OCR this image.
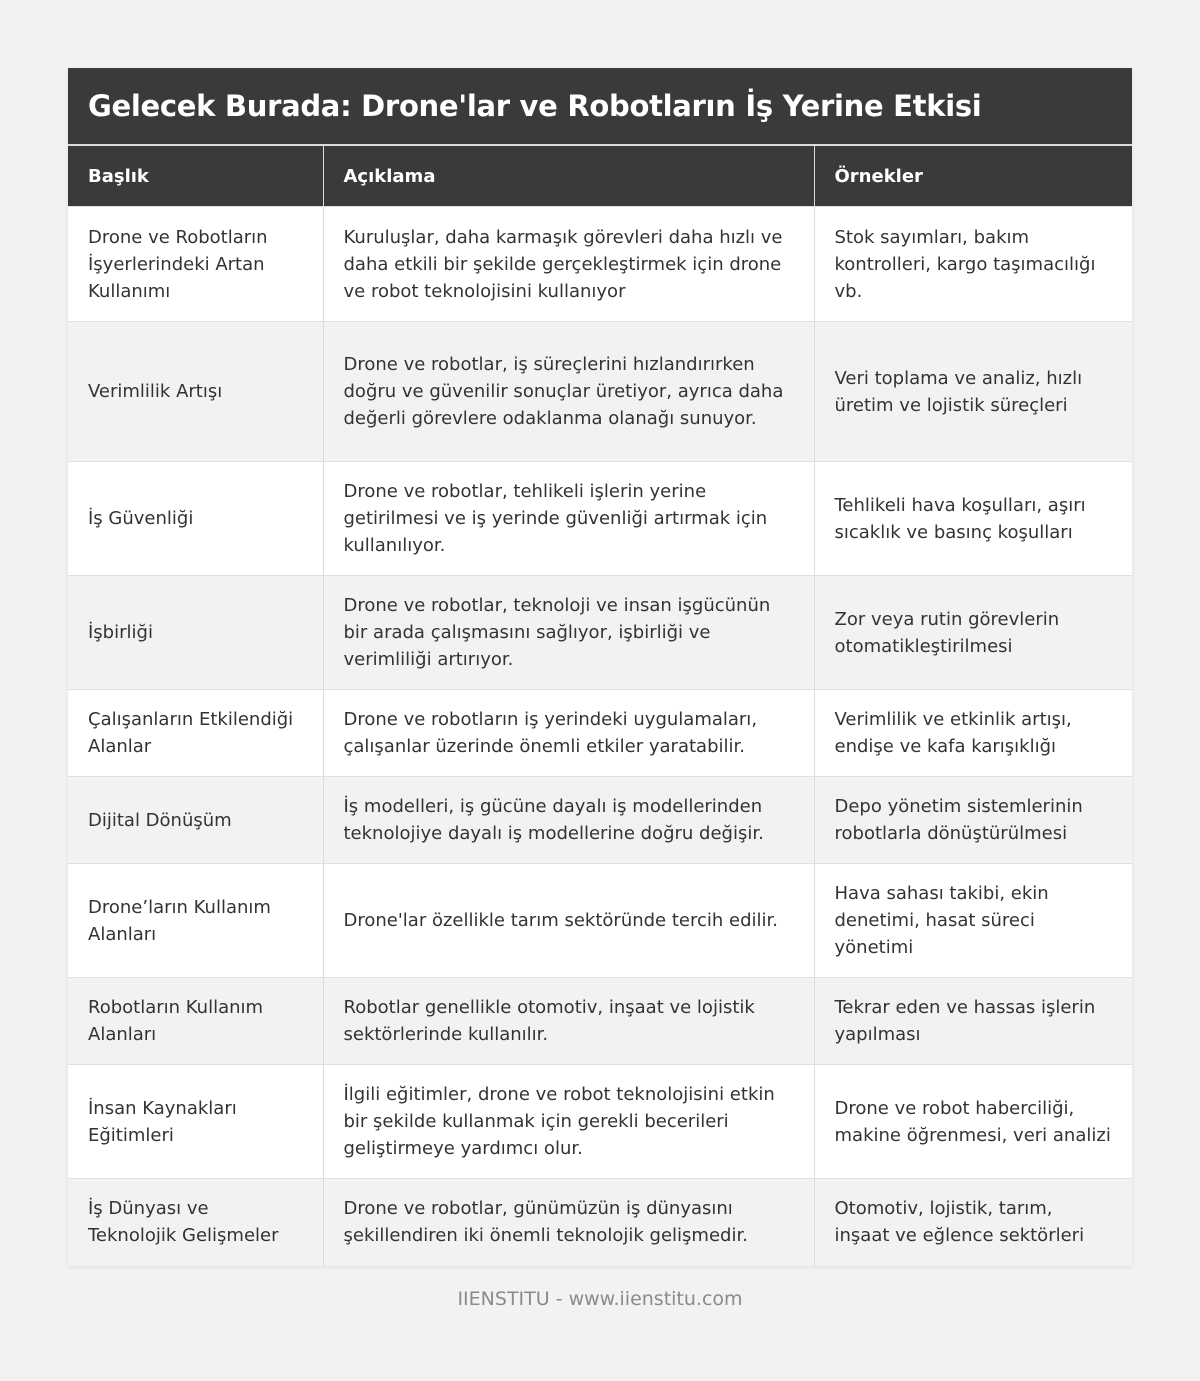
Gelecek Burada: Drone'lar ve Robotların İş Yerine Etkisi
Başlık	Açıklama	Örnekler
Drone ve Robotların İşyerlerindeki Artan Kullanımı	Kuruluşlar, daha karmaşık görevleri daha hızlı ve daha etkili bir şekilde gerçekleştirmek için drone ve robot teknolojisini kullanıyor	Stok sayımları, bakım kontrolleri, kargo taşımacılığı vb.
Verimlilik Artışı	Drone ve robotlar, iş süreçlerini hızlandırırken doğru ve güvenilir sonuçlar üretiyor, ayrıca daha değerli görevlere odaklanma olanağı sunuyor.	Veri toplama ve analiz, hızlı üretim ve lojistik süreçleri
İş Güvenliği	Drone ve robotlar, tehlikeli işlerin yerine getirilmesi ve iş yerinde güvenliği artırmak için kullanılıyor.	Tehlikeli hava koşulları, aşırı sıcaklık ve basınç koşulları
İşbirliği	Drone ve robotlar, teknoloji ve insan işgücünün bir arada çalışmasını sağlıyor, işbirliği ve verimliliği artırıyor.	Zor veya rutin görevlerin otomatikleştirilmesi
Çalışanların Etkilendiği Alanlar	Drone ve robotların iş yerindeki uygulamaları, çalışanlar üzerinde önemli etkiler yaratabilir.	Verimlilik ve etkinlik artışı, endişe ve kafa karışıklığı
Dijital Dönüşüm	İş modelleri, iş gücüne dayalı iş modellerinden teknolojiye dayalı iş modellerine doğru değişir.	Depo yönetim sistemlerinin robotlarla dönüştürülmesi
Drone’ların Kullanım Alanları	Drone'lar özellikle tarım sektöründe tercih edilir.	Hava sahası takibi, ekin denetimi, hasat süreci yönetimi
Robotların Kullanım Alanları	Robotlar genellikle otomotiv, inşaat ve lojistik sektörlerinde kullanılır.	Tekrar eden ve hassas işlerin yapılması
İnsan Kaynakları Eğitimleri	İlgili eğitimler, drone ve robot teknolojisini etkin bir şekilde kullanmak için gerekli becerileri geliştirmeye yardımcı olur.	Drone ve robot haberciliği, makine öğrenmesi, veri analizi
İş Dünyası ve Teknolojik Gelişmeler	Drone ve robotlar, günümüzün iş dünyasını şekillendiren iki önemli teknolojik gelişmedir.	Otomotiv, lojistik, tarım, inşaat ve eğlence sektörleri
IIENSTITU - www.iienstitu.com
